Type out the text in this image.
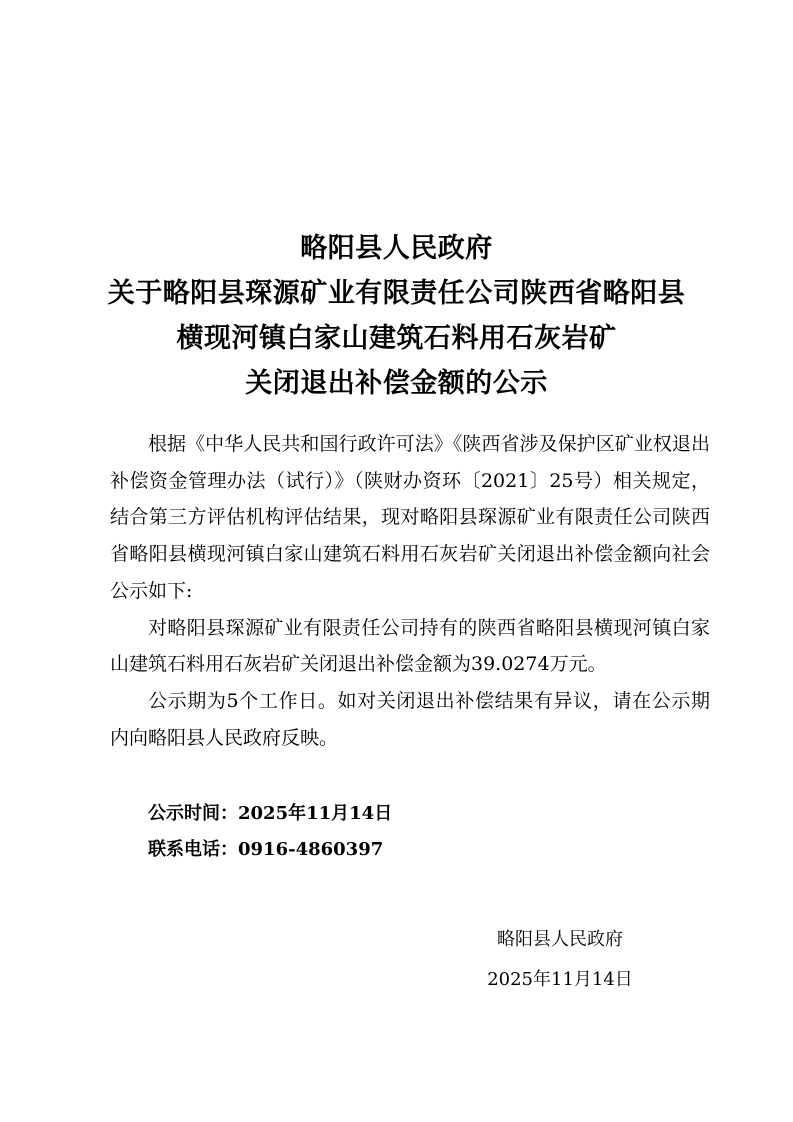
略阳县人民政府
关于略阳县琛源矿业有限责任公司陕西省略阳县
横现河镇白家山建筑石料用石灰岩矿
关闭退出补偿金额的公示

根据《中华人民共和国行政许可法》《陕西省涉及保护区矿业权退出补偿资金管理办法（试行）》（陕财办资环〔2021〕25号）相关规定，结合第三方评估机构评估结果，现对略阳县琛源矿业有限责任公司陕西省略阳县横现河镇白家山建筑石料用石灰岩矿关闭退出补偿金额向社会公示如下:

对略阳县琛源矿业有限责任公司持有的陕西省略阳县横现河镇白家山建筑石料用石灰岩矿关闭退出补偿金额为39.0274万元。

公示期为5个工作日。如对关闭退出补偿结果有异议，请在公示期内向略阳县人民政府反映。

公示时间：2025年11月14日
联系电话：0916-4860397
略阳县人民政府
2025年11月14日
